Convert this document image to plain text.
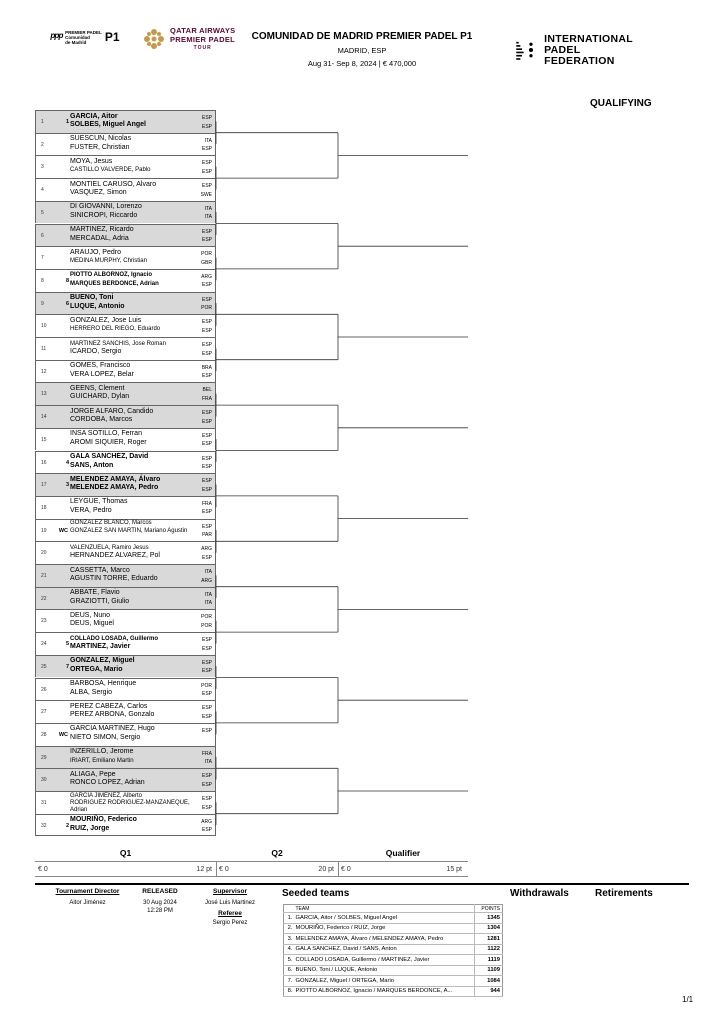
ᵖᵖᵖ PREMIER PADEL
Comunidad
de Madrid	P1	QATAR AIRWAYS
PREMIER PADEL
TOUR
COMUNIDAD DE MADRID PREMIER PADEL P1
MADRID, ESP
Aug 31- Sep 8, 2024 | € 470,000
INTERNATIONAL
PADEL
FEDERATION
QUALIFYING
1	1
GARCIA, Aitor
SOLBES, Miguel Angel
ESP
ESP
2
SUESCUN, Nicolas
FUSTER, Christian
ITA
ESP
3
MOYA, Jesus
CASTILLO VALVERDE, Pablo
ESP
ESP
4
MONTIEL CARUSO, Alvaro
VASQUEZ, Simon
ESP
SWE
5
DI GIOVANNI, Lorenzo
SINICROPI, Riccardo
ITA
ITA
6
MARTINEZ, Ricardo
MERCADAL, Adria
ESP
ESP
7
ARAUJO, Pedro
MEDINA MURPHY, Christian
POR
GBR
8	8
PIOTTO ALBORNOZ, Ignacio
MARQUES BERDONCE, Adrian
ARG
ESP
9	6
BUENO, Toni
LUQUE, Antonio
ESP
POR
10
GONZALEZ, Jose Luis
HERRERO DEL RIEGO, Eduardo
ESP
ESP
11
MARTINEZ SANCHIS, Jose Roman
ICARDO, Sergio
ESP
ESP
12
GOMES, Francisco
VERA LOPEZ, Belar
BRA
ESP
13
GEENS, Clement
GUICHARD, Dylan
BEL
FRA
14
JORGE ALFARO, Candido
CORDOBA, Marcos
ESP
ESP
15
INSA SOTILLO, Ferran
AROMI SIQUIER, Roger
ESP
ESP
16	4
GALA SANCHEZ, David
SANS, Anton
ESP
ESP
17	3
MELENDEZ AMAYA, Álvaro
MELENDEZ AMAYA, Pedro
ESP
ESP
18
LEYGUE, Thomas
VERA, Pedro
FRA
ESP
19	WC
GONZALEZ BLANCO, Marcos
GONZALEZ SAN MARTIN, Mariano Agustin
ESP
PAR
20
VALENZUELA, Ramiro Jesus
HERNANDEZ ALVAREZ, Pol
ARG
ESP
21
CASSETTA, Marco
AGUSTIN TORRE, Eduardo
ITA
ARG
22
ABBATE, Flavio
GRAZIOTTI, Giulio
ITA
ITA
23
DEUS, Nuno
DEUS, Miguel
POR
POR
24	5
COLLADO LOSADA, Guillermo
MARTINEZ, Javier
ESP
ESP
25	7
GONZALEZ, Miguel
ORTEGA, Mario
ESP
ESP
26
BARBOSA, Henrique
ALBA, Sergio
POR
ESP
27
PEREZ CABEZA, Carlos
PEREZ ARBONA, Gonzalo
ESP
ESP
28	WC
GARCIA MARTINEZ, Hugo
NIETO SIMON, Sergio
ESP

29
INZERILLO, Jerome
IRIART, Emiliano Martin
FRA
ITA
30
ALIAGA, Pepe
RONCO LOPEZ, Adrian
ESP
ESP
31
GARCIA JIMENEZ, Alberto
RODRIGUEZ RODRIGUEZ-MANZANEQUE, Adrian
ESP
ESP
32	2
MOURIÑO, Federico
RUIZ, Jorge
ARG
ESP
Q1	Q2	Qualifier
€ 0	12 pt € 0	20 pt € 0	15 pt
Tournament Director
Aitor Jiménez
RELEASED
30 Aug 2024
12:28 PM
Supervisor
José Luis Martinez
Referee
Sergio Perez
Seeded teams
	TEAM	POINTS
1.	GARCIA, Aitor / SOLBES, Miguel Angel	1345
2.	MOURIÑO, Federico / RUIZ, Jorge	1304
3.	MELENDEZ AMAYA, Álvaro / MELENDEZ AMAYA, Pedro	1281
4.	GALA SANCHEZ, David / SANS, Anton	1122
5.	COLLADO LOSADA, Guillermo / MARTINEZ, Javier	1119
6.	BUENO, Toni / LUQUE, Antonio	1109
7.	GONZALEZ, Miguel / ORTEGA, Mario	1084
8.	PIOTTO ALBORNOZ, Ignacio / MARQUES BERDONCE, A...	944
Withdrawals	Retirements
1/1
